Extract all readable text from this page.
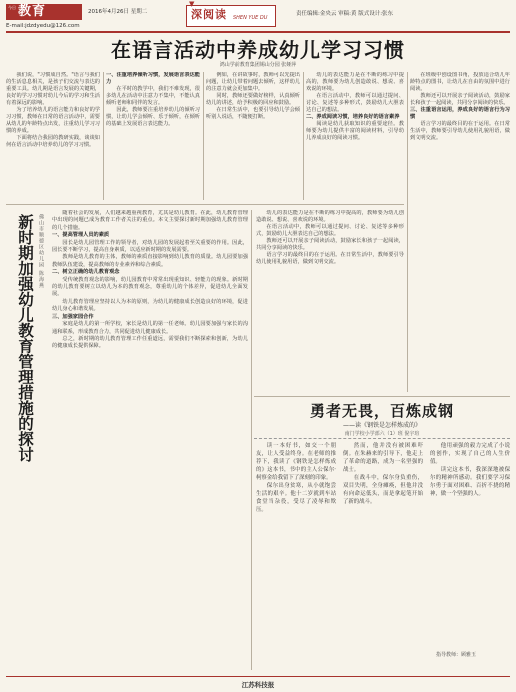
今日 教育	2016年4月26日 星期二
E-mail:jdzdyedu@126.com
▼
深阅读 SHEN YUE DU
责任编辑:金央云 审稿:黄 版式设计:张东
在语言活动中养成幼儿学习习惯
鸿山学前教育集团锡山分园 张娅萍

我们说，"习惯成自然。"语言与我们的生活息息相关，是孩子们交流与表达的重要工具。幼儿期是语言发展的关键期，良好的学习习惯对幼儿今后的学习和生活有着深远的影响。

为了培养幼儿的语言能力和良好的学习习惯，教师在日常的语言活动中，需要从幼儿的年龄特点出发，注重幼儿学习习惯的养成。

下面将结合我园的教研实践，谈谈如何在语言活动中培养幼儿的学习习惯。

一、注重培养倾听习惯，发展语言表达能力

在平时的教学中，我们不难发现，很多幼儿在活动中注意力不集中，不能认真倾听老师和同伴的发言。

因此，教师要注重培养幼儿的倾听习惯，让幼儿学会倾听、乐于倾听，在倾听的基础上发展语言表达能力。

例如，在讲故事时，教师可以先提出问题，让幼儿带着问题去倾听，这样幼儿的注意力就会更加集中。

同时，教师还要做好榜样，认真倾听幼儿的讲述，给予积极的回应和鼓励。

在日常生活中，也要引导幼儿学会倾听别人说话，不随便打断。

幼儿的表达能力是在不断的练习中提高的，教师要为幼儿创造敢说、想说、喜欢说的环境。

在语言活动中，教师可以通过提问、讨论、复述等多种形式，鼓励幼儿大胆表达自己的想法。

二、养成阅读习惯，培养良好的语言素养

阅读是幼儿获取知识的重要途径。教师要为幼儿提供丰富的阅读材料，引导幼儿养成良好的阅读习惯。

在班级中创设图书角，投放适合幼儿年龄特点的图书，让幼儿在自由的氛围中进行阅读。

教师还可以开展亲子阅读活动，鼓励家长和孩子一起阅读，共同分享阅读的快乐。

三、注重语言运用，养成良好的语言行为习惯

语言学习的最终目的在于运用。在日常生活中，教师要引导幼儿使用礼貌用语，做到文明交流。

新时期加强幼儿教育管理措施的探讨 佛山市顺德区幼儿园 陈海燕

随着社会的发展，人们越来越重视教育，尤其是幼儿教育。在此，幼儿教育管理中出现的问题已成为教育工作者关注的重点。本文主要探讨新时期加强幼儿教育管理的几个措施。

一、提高管理人员的素质

园长是幼儿园管理工作的领导者，对幼儿园的发展起着至关重要的作用。因此，园长要不断学习，提高自身素质，以适应新时期的发展需要。

教师是幼儿教育的主体，教师的素质直接影响到幼儿教育的质量。幼儿园要加强教师队伍建设，提高教师的专业素养和综合素质。

二、树立正确的幼儿教育观念

受传统教育观念的影响，幼儿园教育中常常出现重知识、轻能力的现象。新时期的幼儿教育要树立以幼儿为本的教育观念，尊重幼儿的个体差异，促进幼儿全面发展。

幼儿教育管理应坚持以人为本的原则，为幼儿的健康成长创造良好的环境，促进幼儿身心和谐发展。

三、加强家园合作

家庭是幼儿的第一所学校，家长是幼儿的第一任老师。幼儿园要加强与家长的沟通和联系，形成教育合力，共同促进幼儿健康成长。

总之，新时期的幼儿教育管理工作任重道远，需要我们不断探索和创新，为幼儿的健康成长提供保障。

幼儿的表达能力是在不断的练习中提高的，教师要为幼儿创造敢说、想说、喜欢说的环境。

在语言活动中，教师可以通过提问、讨论、复述等多种形式，鼓励幼儿大胆表达自己的想法。

教师还可以开展亲子阅读活动，鼓励家长和孩子一起阅读，共同分享阅读的快乐。

语言学习的最终目的在于运用。在日常生活中，教师要引导幼儿使用礼貌用语，做到文明交流。

勇者无畏，百炼成钢
——读《钢铁是怎样炼成的》
南门学校小学部六（1）班 倪宇瑄

读一本好书，如交一个朋友，让人受益终身。在老师的推荐下，我读了《钢铁是怎样炼成的》这本书，书中的主人公保尔·柯察金给我留下了深刻的印象。

保尔出身贫寒，从小就饱尝生活的艰辛。他十二岁就到车站食堂当杂役，受尽了凌辱和欺压。

然而，他并没有被困难吓倒。在朱赫来的引导下，他走上了革命的道路，成为一名坚强的战士。

在战斗中，保尔身负重伤，双目失明，全身瘫痪，但他并没有向命运低头，而是拿起笔开始了新的战斗。

他用顽强的毅力完成了小说的创作，实现了自己的人生价值。

读完这本书，我深深地被保尔的精神所感动。我们要学习保尔勇于面对困难、百折不挠的精神，做一个坚强的人。

指导教师：顾雅玉
江苏科技报
